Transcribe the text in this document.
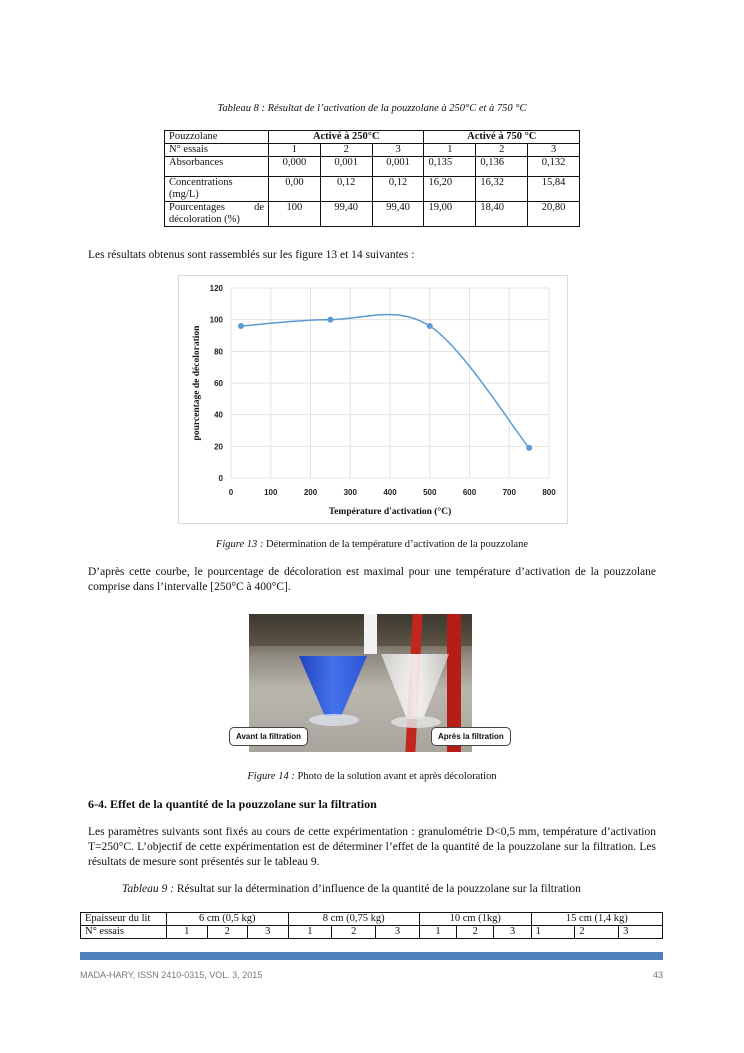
Tableau 8 : Résultat de l’activation de la pouzzolane à 250°C et à 750 °C
Pouzzolane	Activé à 250°C			Activé à 750 °C		
N° essais	1	2	3	1	2	3
Absorbances	0,000	0,001	0,001	0,135	0,136	0,132
Concentrations (mg/L)	0,00	0,12	0,12	16,20	16,32	15,84
Pourcentages de décoloration (%)	100	99,40	99,40	19,00	18,40	20,80
Les résultats obtenus sont rassemblés sur les figure 13 et 14 suivantes :
0	100	200	300	400	500	600	700	800
0
20
40
60
80
100
120
Température d'activation (°C)
pourcentage de décoloration
Figure 13 : Détermination de la température d’activation de la pouzzolane
D’après cette courbe, le pourcentage de décoloration est maximal pour une température d’activation de la pouzzolane comprise dans l’intervalle [250°C à 400°C].
Avant la filtration	Après la filtration
Figure 14 : Photo de la solution avant et après décoloration
6-4. Effet de la quantité de la pouzzolane sur la filtration
Les paramètres suivants sont fixés au cours de cette expérimentation : granulométrie D<0,5 mm, température d’activation T=250°C. L’objectif de cette expérimentation est de déterminer l’effet de la quantité de la pouzzolane sur la filtration. Les résultats de mesure sont présentés sur le tableau 9.
Tableau 9 : Résultat sur la détermination d’influence de la quantité de la pouzzolane sur la filtration
Epaisseur du lit	6 cm (0,5 kg)			8 cm (0,75 kg)			10 cm (1kg)			15 cm (1,4 kg)		
N° essais	1	2	3	1	2	3	1	2	3	1	2	3
MADA-HARY, ISSN 2410-0315, VOL. 3, 2015	43
